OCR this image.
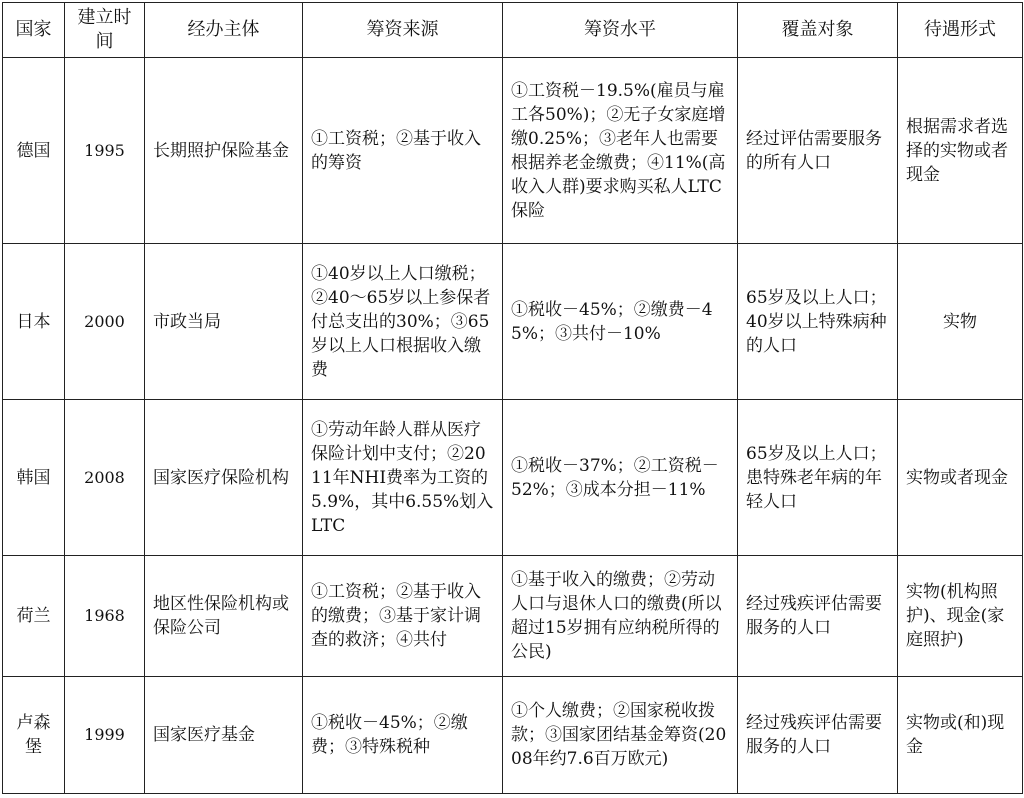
国家	建立时间	经办主体	筹资来源	筹资水平	覆盖对象	待遇形式
德国	1995	长期照护保险基金	①工资税；②基于收入的筹资	①工资税－19.5%(雇员与雇工各50%)；②无子女家庭增缴0.25%；③老年人也需要根据养老金缴费；④11%(高收入人群)要求购买私人LTC保险	经过评估需要服务的所有人口	根据需求者选择的实物或者现金
日本	2000	市政当局	①40岁以上人口缴税；②40～65岁以上参保者付总支出的30%；③65岁以上人口根据收入缴费	①税收－45%；②缴费－45%；③共付－10%	65岁及以上人口；40岁以上特殊病种的人口	实物
韩国	2008	国家医疗保险机构	①劳动年龄人群从医疗保险计划中支付；②2011年NHI费率为工资的5.9%，其中6.55%划入LTC	①税收－37%；②工资税－52%；③成本分担－11%	65岁及以上人口；患特殊老年病的年轻人口	实物或者现金
荷兰	1968	地区性保险机构或保险公司	①工资税；②基于收入的缴费；③基于家计调查的救济；④共付	①基于收入的缴费；②劳动人口与退休人口的缴费(所以超过15岁拥有应纳税所得的公民)	经过残疾评估需要服务的人口	实物(机构照护)、现金(家庭照护)
卢森堡	1999	国家医疗基金	①税收－45%；②缴费；③特殊税种	①个人缴费；②国家税收拨款；③国家团结基金筹资(2008年约7.6百万欧元)	经过残疾评估需要服务的人口	实物或(和)现金
